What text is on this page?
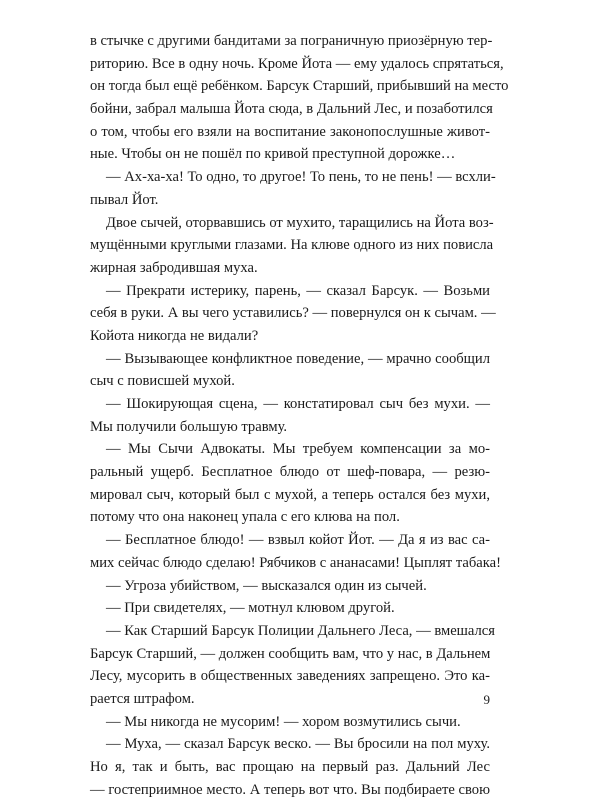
в стычке с другими бандитами за пограничную приозёрную тер-
риторию. Все в одну ночь. Кроме Йота — ему удалось спрятаться,
он тогда был ещё ребёнком. Барсук Старший, прибывший на место
бойни, забрал малыша Йота сюда, в Дальний Лес, и позаботился
о том, чтобы его взяли на воспитание законопослушные живот-
ные. Чтобы он не пошёл по кривой преступной дорожке…
— Ах-ха-ха! То одно, то другое! То пень, то не пень! — всхли-
пывал Йот.
Двое сычей, оторвавшись от мухито, таращились на Йота воз-
мущёнными круглыми глазами. На клюве одного из них повисла
жирная забродившая муха.
— Прекрати истерику, парень, — сказал Барсук. — Возьми
себя в руки. А вы чего уставились? — повернулся он к сычам. —
Койота никогда не видали?
— Вызывающее конфликтное поведение, — мрачно сообщил
сыч с повисшей мухой.
— Шокирующая сцена, — констатировал сыч без мухи. —
Мы получили большую травму.
— Мы Сычи Адвокаты. Мы требуем компенсации за мо-
ральный ущерб. Бесплатное блюдо от шеф-повара, — резю-
мировал сыч, который был с мухой, а теперь остался без мухи,
потому что она наконец упала с его клюва на пол.
— Бесплатное блюдо! — взвыл койот Йот. — Да я из вас са-
мих сейчас блюдо сделаю! Рябчиков с ананасами! Цыплят табака!
— Угроза убийством, — высказался один из сычей.
— При свидетелях, — мотнул клювом другой.
— Как Старший Барсук Полиции Дальнего Леса, — вмешался
Барсук Старший, — должен сообщить вам, что у нас, в Дальнем
Лесу, мусорить в общественных заведениях запрещено. Это ка-
рается штрафом.
— Мы никогда не мусорим! — хором возмутились сычи.
— Муха, — сказал Барсук веско. — Вы бросили на пол муху.
Но я, так и быть, вас прощаю на первый раз. Дальний Лес
— гостеприимное место. А теперь вот что. Вы подбираете свою
9
